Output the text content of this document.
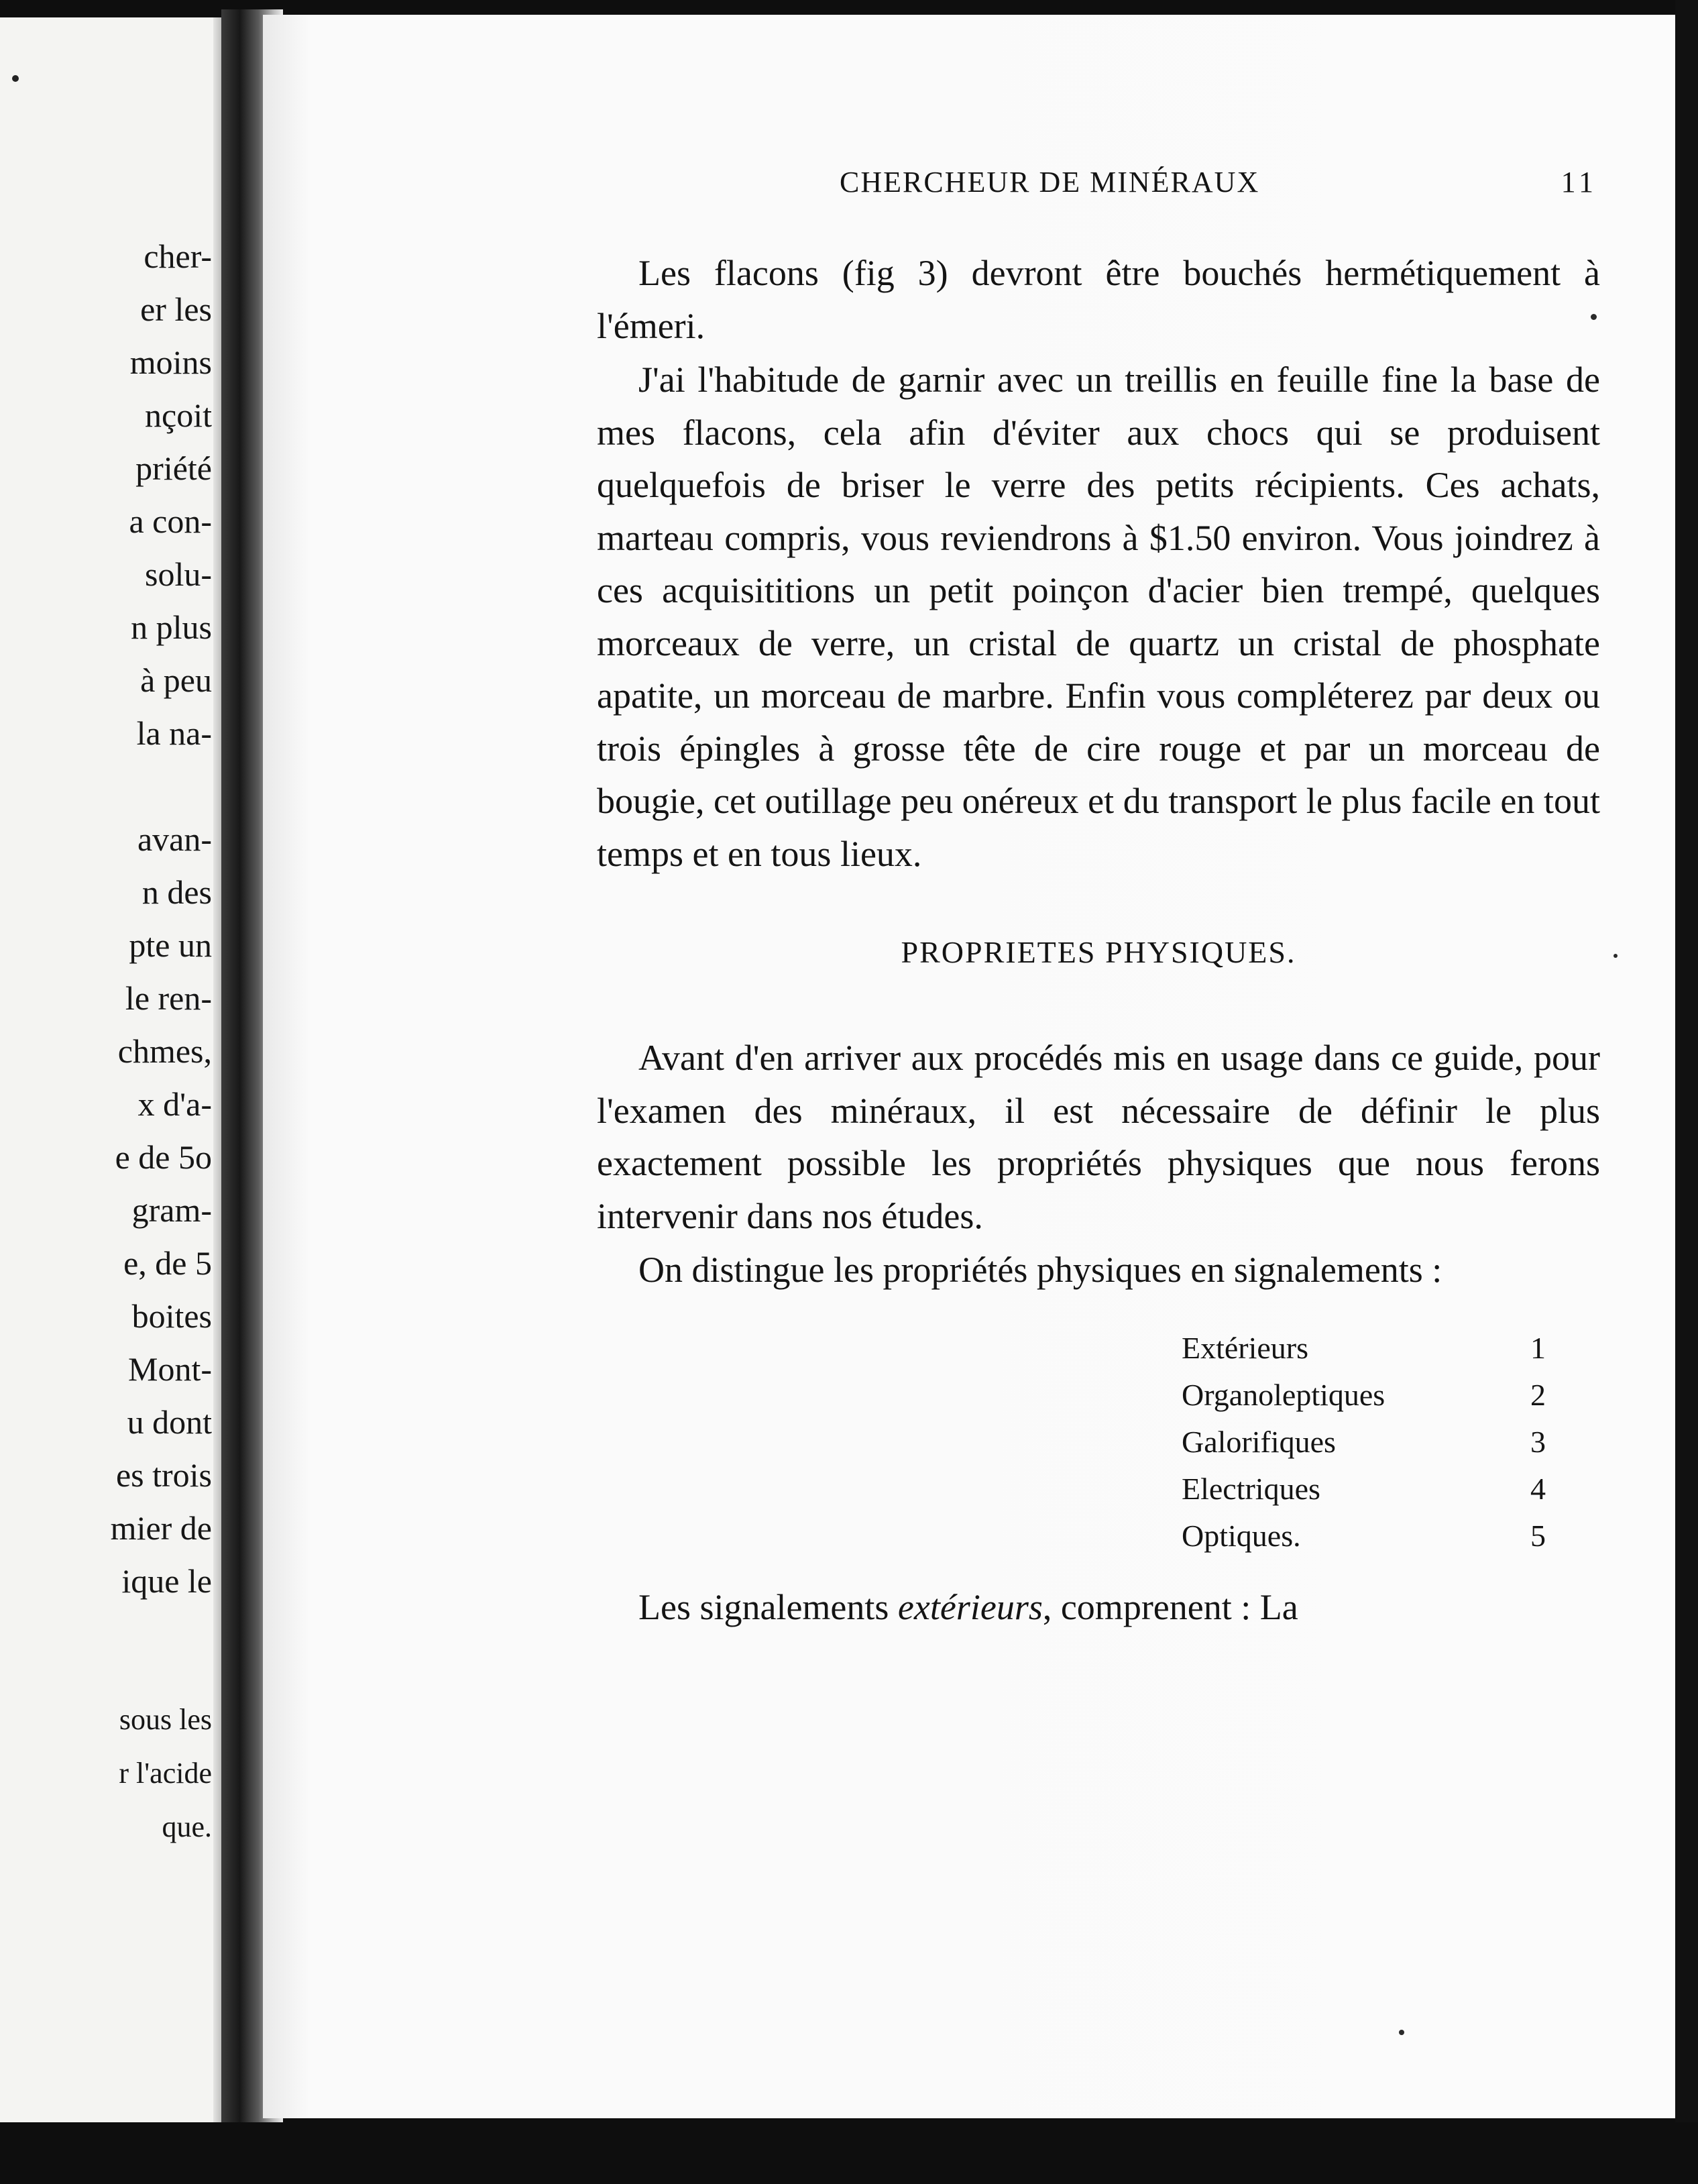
cher-
er les
moins
nçoit
priété
a con-
solu-
n plus
à peu
la na-
avan-
n des
pte un
le ren-
chmes,
x d'a-
e de 5o
gram-
e, de 5
boites
Mont-
u dont
es trois
mier de
ique le
sous les
r l'acide
que.
CHERCHEUR DE MINÉRAUX	11

Les flacons (fig 3) devront être bouchés hermétiquement à l'émeri.

J'ai l'habitude de garnir avec un treillis en feuille fine la base de mes flacons, cela afin d'éviter aux chocs qui se produisent quelquefois de briser le verre des petits récipients. Ces achats, marteau compris, vous reviendrons à $1.50 environ. Vous joindrez à ces acquisititions un petit poinçon d'acier bien trempé, quelques morceaux de verre, un cristal de quartz un cristal de phosphate apatite, un morceau de marbre. Enfin vous compléterez par deux ou trois épingles à grosse tête de cire rouge et par un morceau de bougie, cet outillage peu onéreux et du transport le plus facile en tout temps et en tous lieux.

PROPRIETES PHYSIQUES.

Avant d'en arriver aux procédés mis en usage dans ce guide, pour l'examen des minéraux, il est nécessaire de définir le plus exactement possible les propriétés physiques que nous ferons intervenir dans nos études.

On distingue les propriétés physiques en signalements :

Extérieurs	1
Organoleptiques	2
Galorifiques	3
Electriques	4
Optiques.	5

Les signalements extérieurs, comprenent : La
